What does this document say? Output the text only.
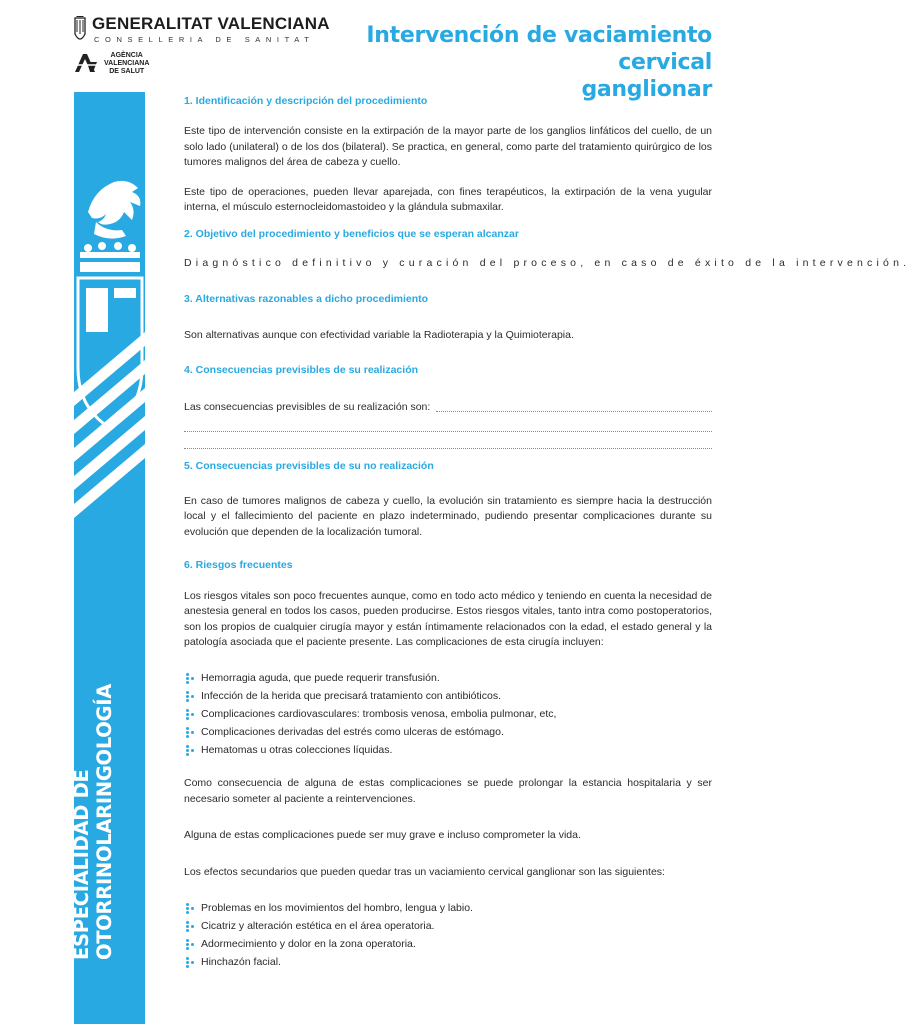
GENERALITAT VALENCIANA
CONSELLERIA DE SANITAT
AGÈNCIA
VALENCIANA
DE SALUT
Intervención de vaciamiento cervical
ganglionar
ESPECIALIDAD DE OTORRINOLARINGOLOGÍA
1. Identificación y descripción del procedimiento

Este tipo de intervención consiste en la extirpación de la mayor parte de los ganglios linfáticos del cuello, de un solo lado (unilateral) o de los dos (bilateral). Se practica, en general, como parte del tratamiento quirúrgico de los tumores malignos del área de cabeza y cuello.

Este tipo de operaciones, pueden llevar aparejada, con fines terapéuticos, la extirpación de la vena yugular interna, el músculo esternocleidomastoideo y la glándula submaxilar.

2. Objetivo del procedimiento y beneficios que se esperan alcanzar

Diagnóstico definitivo y curación del proceso, en caso de éxito de la intervención.

3. Alternativas razonables a dicho procedimiento

Son alternativas aunque con efectividad variable la Radioterapia y la Quimioterapia.

4. Consecuencias previsibles de su realización
Las consecuencias previsibles de su realización son:
5. Consecuencias previsibles de su no realización

En caso de tumores malignos de cabeza y cuello, la evolución sin tratamiento es siempre hacia la destrucción local y el fallecimiento del paciente en plazo indeterminado, pudiendo presentar complicaciones durante su evolución que dependen de la localización tumoral.

6. Riesgos frecuentes

Los riesgos vitales son poco frecuentes aunque, como en todo acto médico y teniendo en cuenta la necesidad de anestesia general en todos los casos, pueden producirse. Estos riesgos vitales, tanto intra como postoperatorios, son los propios de cualquier cirugía mayor y están íntimamente relacionados con la edad, el estado general y la patología asociada que el paciente presente. Las complicaciones de esta cirugía incluyen:

Hemorragia aguda, que puede requerir transfusión.
Infección de la herida que precisará tratamiento con antibióticos.
Complicaciones cardiovasculares: trombosis venosa, embolia pulmonar, etc,
Complicaciones derivadas del estrés como ulceras de estómago.
Hematomas u otras colecciones líquidas.

Como consecuencia de alguna de estas complicaciones se puede prolongar la estancia hospitalaria y ser necesario someter al paciente a reintervenciones.

Alguna de estas complicaciones puede ser muy grave e incluso comprometer la vida.

Los efectos secundarios que pueden quedar tras un vaciamiento cervical ganglionar son las siguientes:

Problemas en los movimientos del hombro, lengua y labio.
Cicatriz y alteración estética en el área operatoria.
Adormecimiento y dolor en la zona operatoria.
Hinchazón facial.
